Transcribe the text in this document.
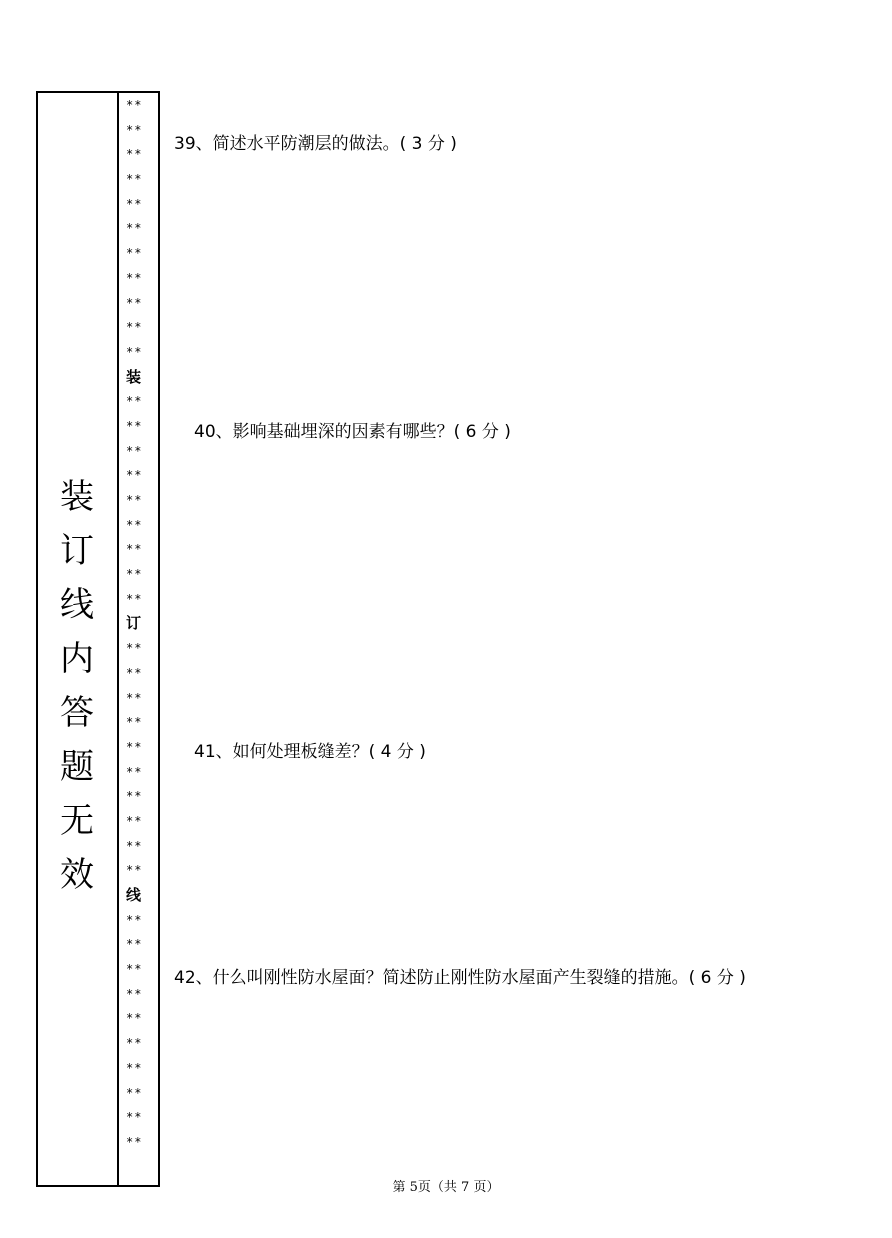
装
订
线
内
答
题
无
效
**
**
**
**
**
**
**
**
**
**
**
装
**
**
**
**
**
**
**
**
**
订
**
**
**
**
**
**
**
**
**
**
线
**
**
**
**
**
**
**
**
**
**
39、简述水平防潮层的做法。( 3 分 )
40、影响基础埋深的因素有哪些？( 6 分 )
41、如何处理板缝差？( 4 分 )
42、什么叫刚性防水屋面？简述防止刚性防水屋面产生裂缝的措施。( 6 分 )
第 5页（共 7 页）
